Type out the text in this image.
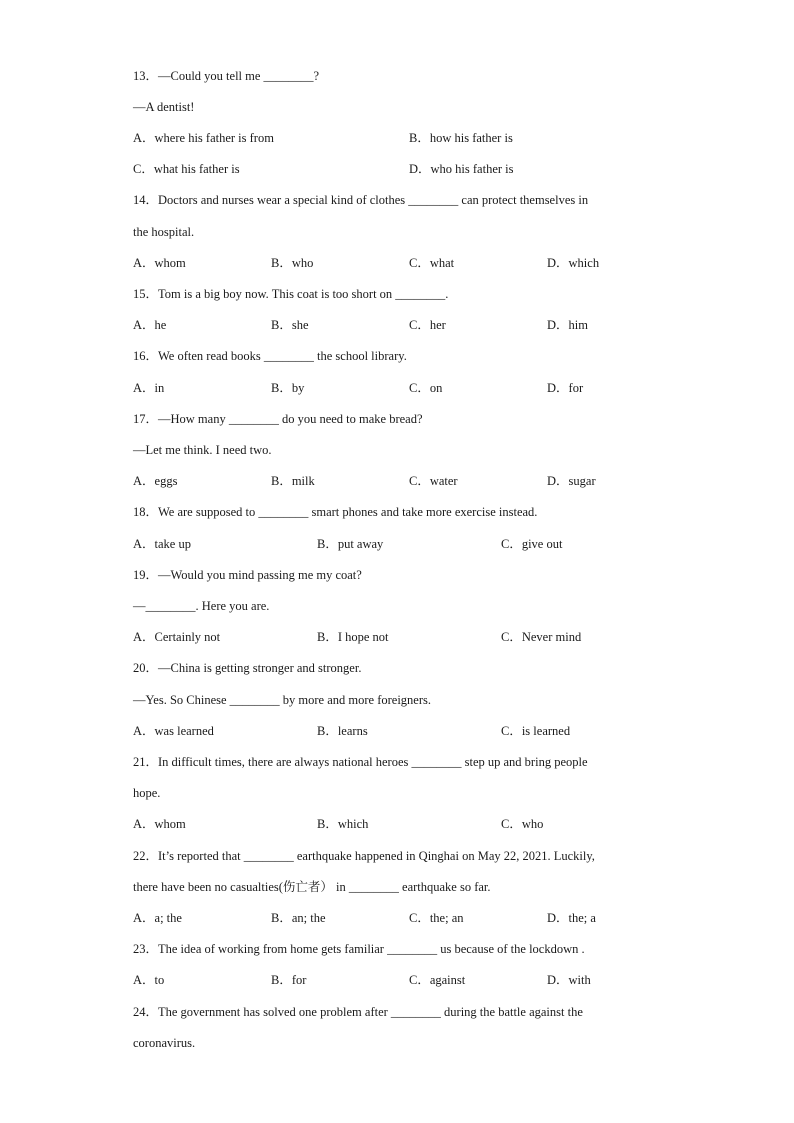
13．—Could you tell me ________?
—A dentist!
A．where his father is from	B．how his father is
C．what his father is	D．who his father is
14．Doctors and nurses wear a special kind of clothes ________ can protect themselves in
the hospital.
A．whom	B．who	C．what	D．which
15．Tom is a big boy now. This coat is too short on ________.
A．he	B．she	C．her	D．him
16．We often read books ________ the school library.
A．in	B．by	C．on	D．for
17．—How many ________ do you need to make bread?
—Let me think. I need two.
A．eggs	B．milk	C．water	D．sugar
18．We are supposed to ________ smart phones and take more exercise instead.
A．take up	B．put away	C．give out
19．—Would you mind passing me my coat?
—________. Here you are.
A．Certainly not	B．I hope not	C．Never mind
20．—China is getting stronger and stronger.
—Yes. So Chinese ________ by more and more foreigners.
A．was learned	B．learns	C．is learned
21．In difficult times, there are always national heroes ________ step up and bring people
hope.
A．whom	B．which	C．who
22．It’s reported that ________ earthquake happened in Qinghai on May 22, 2021. Luckily,
there have been no casualties(伤亡者） in ________ earthquake so far.
A．a; the	B．an; the	C．the; an	D．the; a
23．The idea of working from home gets familiar ________ us because of the lockdown .
A．to	B．for	C．against	D．with
24．The government has solved one problem after ________ during the battle against the
coronavirus.
